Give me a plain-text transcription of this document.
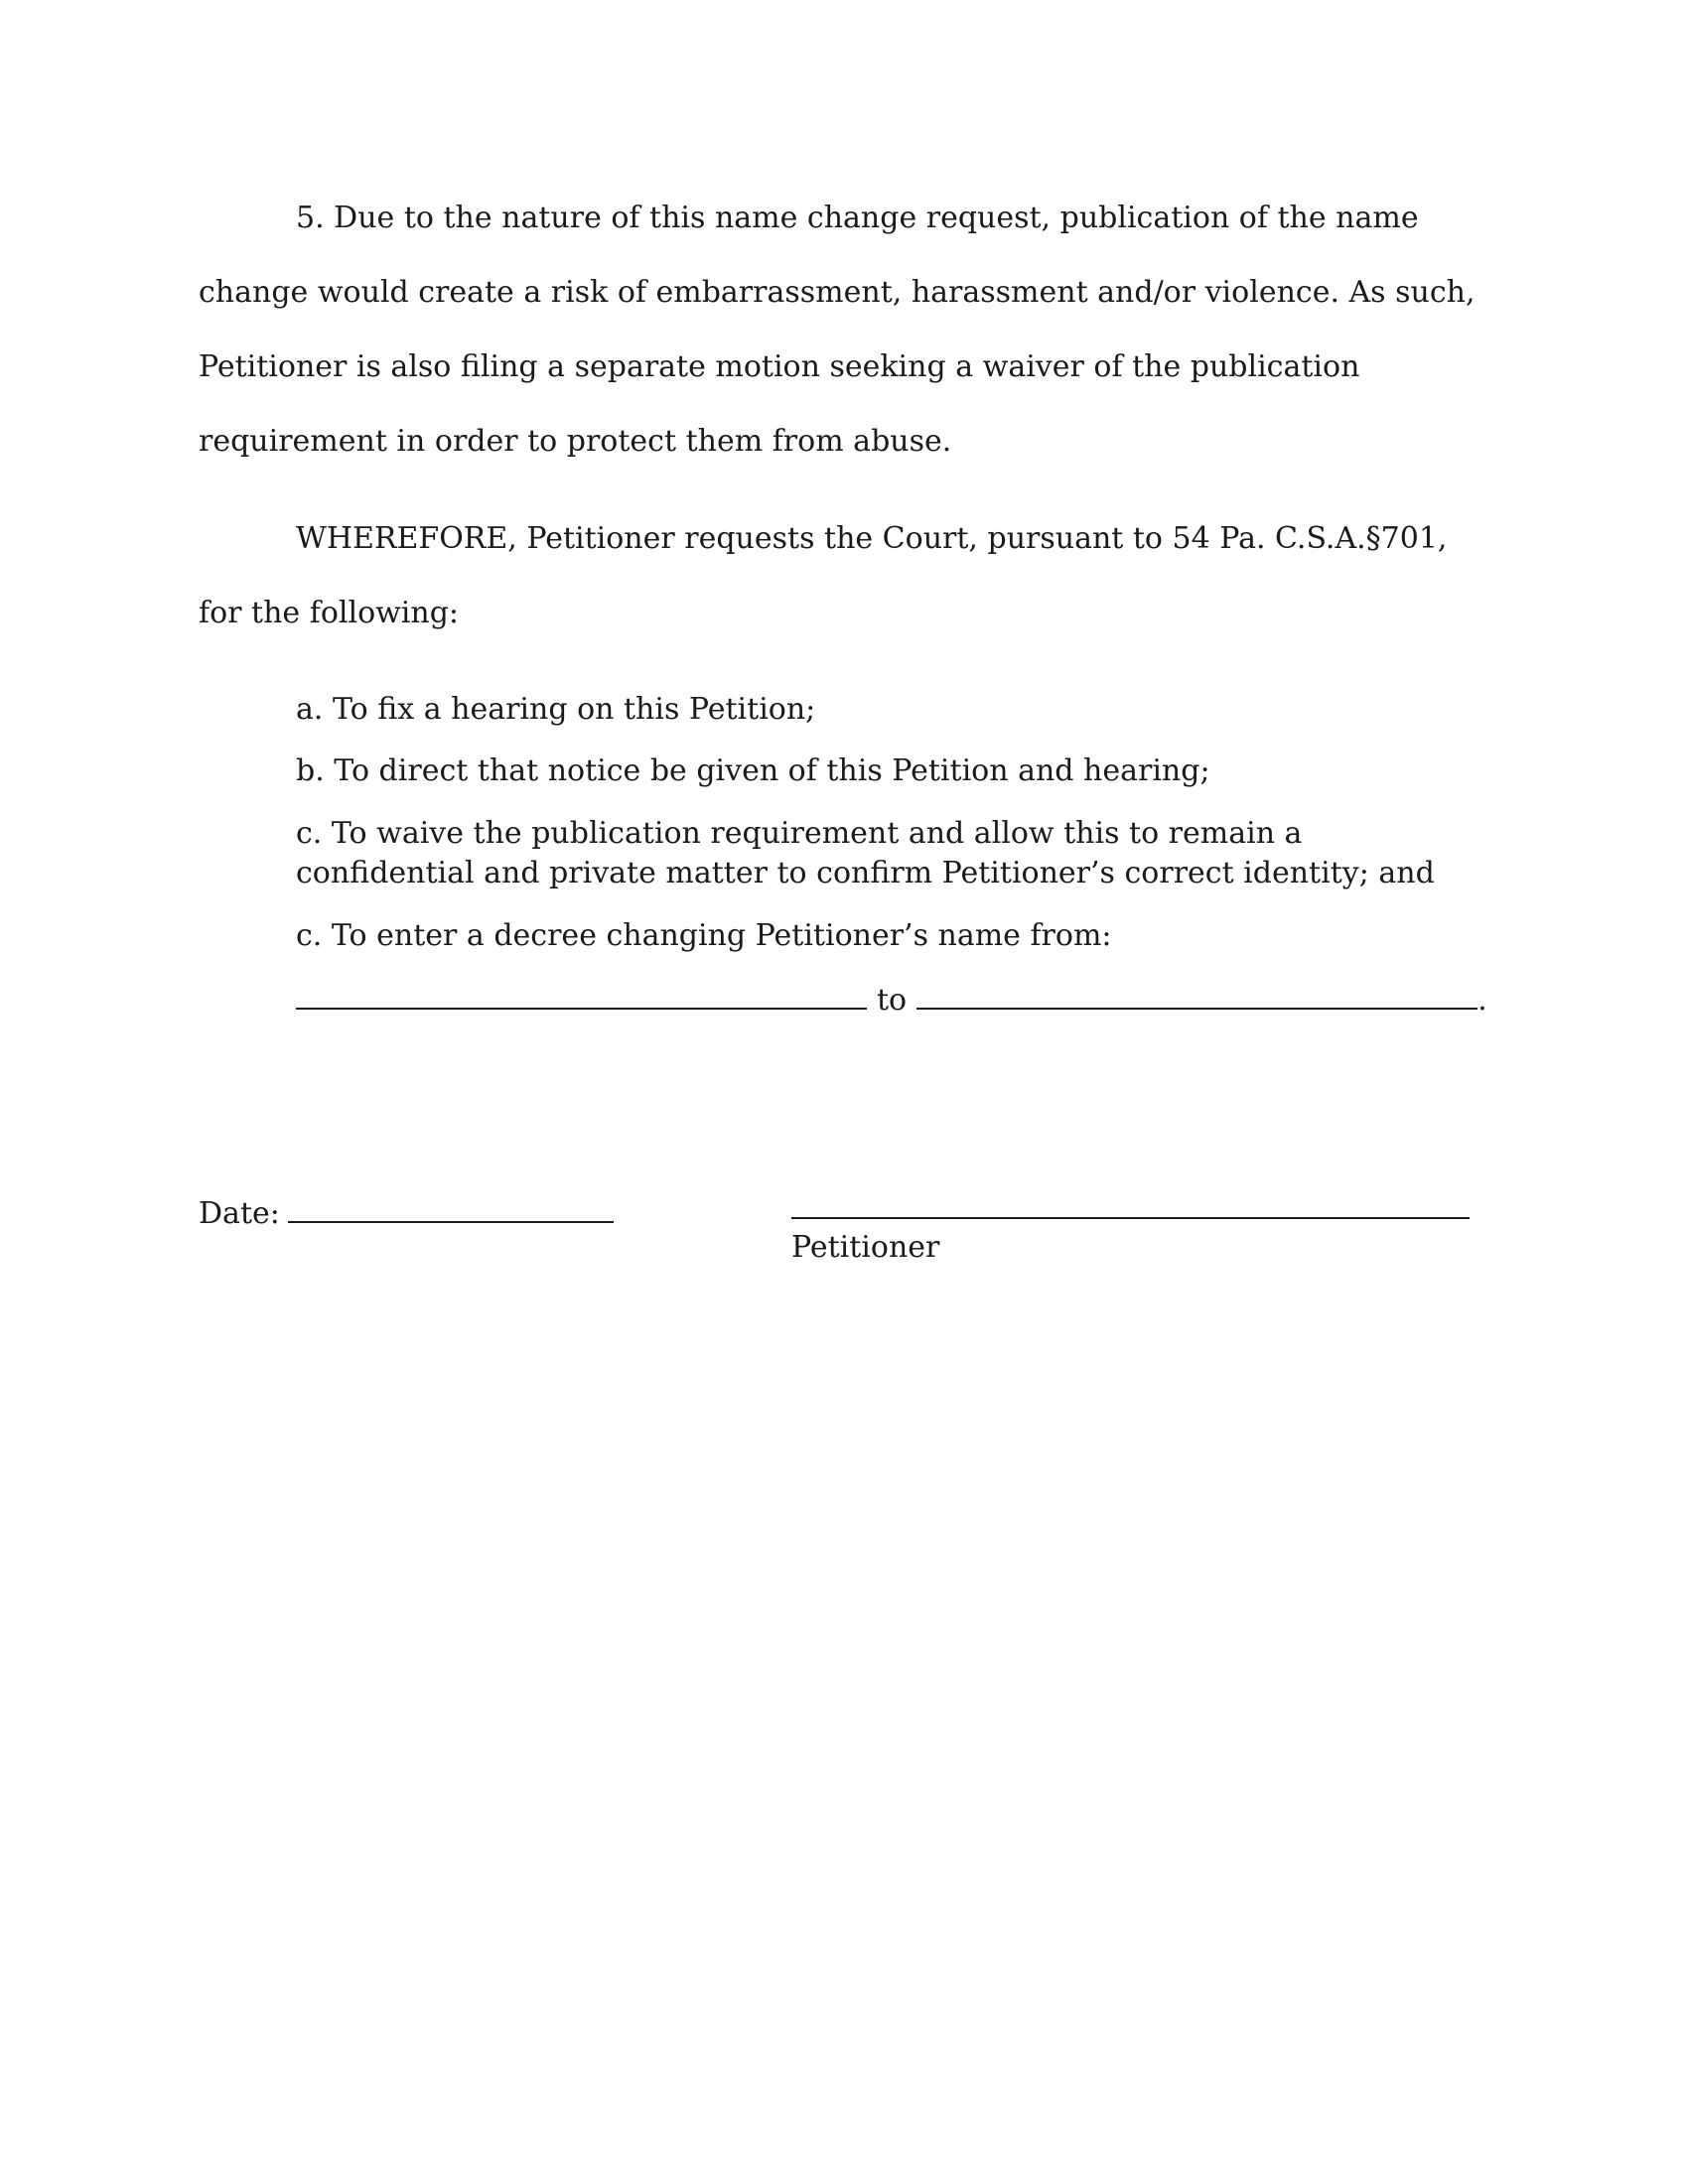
5. Due to the nature of this name change request, publication of the name change would create a risk of embarrassment, harassment and/or violence. As such, Petitioner is also filing a separate motion seeking a waiver of the publication requirement in order to protect them from abuse.

WHEREFORE, Petitioner requests the Court, pursuant to 54 Pa. C.S.A.§701, for the following:

a. To fix a hearing on this Petition;

b. To direct that notice be given of this Petition and hearing;

c. To waive the publication requirement and allow this to remain a confidential and private matter to confirm Petitioner’s correct identity; and

c. To enter a decree changing Petitioner’s name from:

to	.
Date:
Petitioner
